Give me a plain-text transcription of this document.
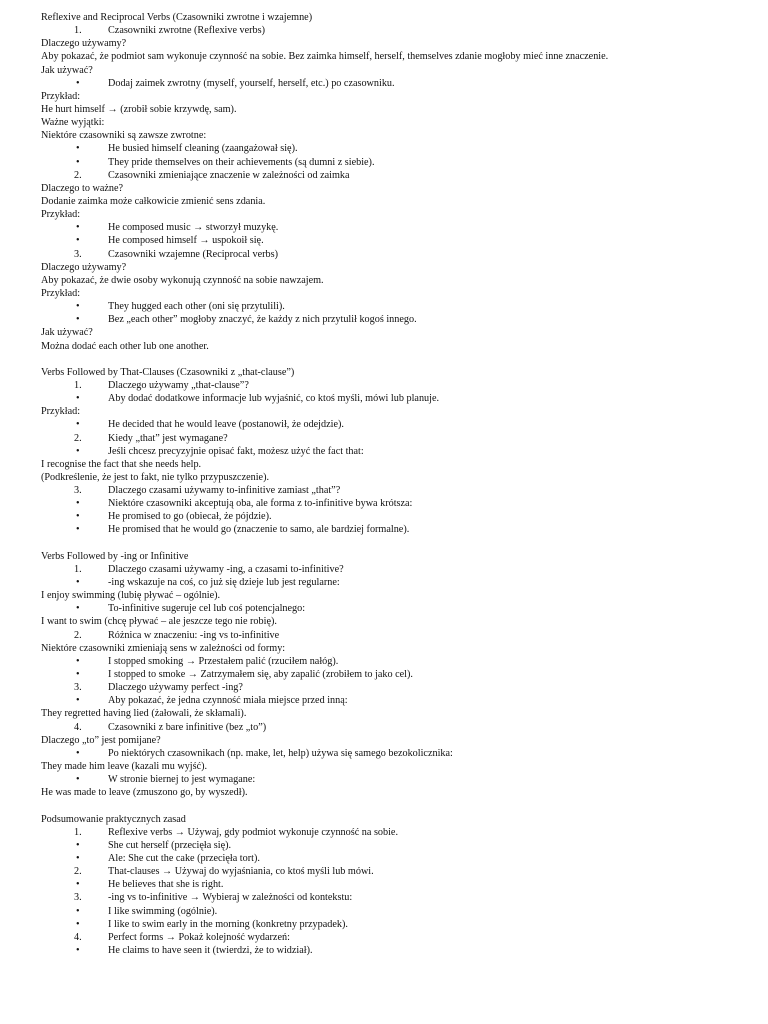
Reflexive and Reciprocal Verbs (Czasowniki zwrotne i wzajemne)
1.	Czasowniki zwrotne (Reflexive verbs)
Dlaczego używamy?
Aby pokazać, że podmiot sam wykonuje czynność na sobie. Bez zaimka himself, herself, themselves zdanie mogłoby mieć inne znaczenie.
Jak używać?
•	Dodaj zaimek zwrotny (myself, yourself, herself, etc.) po czasowniku.
Przykład:
He hurt himself → (zrobił sobie krzywdę, sam).
Ważne wyjątki:
Niektóre czasowniki są zawsze zwrotne:
•	He busied himself cleaning (zaangażował się).
•	They pride themselves on their achievements (są dumni z siebie).
2.	Czasowniki zmieniające znaczenie w zależności od zaimka
Dlaczego to ważne?
Dodanie zaimka może całkowicie zmienić sens zdania.
Przykład:
•	He composed music → stworzył muzykę.
•	He composed himself → uspokoił się.
3.	Czasowniki wzajemne (Reciprocal verbs)
Dlaczego używamy?
Aby pokazać, że dwie osoby wykonują czynność na sobie nawzajem.
Przykład:
•	They hugged each other (oni się przytulili).
•	Bez „each other” mogłoby znaczyć, że każdy z nich przytulił kogoś innego.
Jak używać?
Można dodać each other lub one another.
Verbs Followed by That-Clauses (Czasowniki z „that-clause”)
1.	Dlaczego używamy „that-clause”?
•	Aby dodać dodatkowe informacje lub wyjaśnić, co ktoś myśli, mówi lub planuje.
Przykład:
•	He decided that he would leave (postanowił, że odejdzie).
2.	Kiedy „that” jest wymagane?
•	Jeśli chcesz precyzyjnie opisać fakt, możesz użyć the fact that:
I recognise the fact that she needs help.
(Podkreślenie, że jest to fakt, nie tylko przypuszczenie).
3.	Dlaczego czasami używamy to-infinitive zamiast „that”?
•	Niektóre czasowniki akceptują oba, ale forma z to-infinitive bywa krótsza:
•	He promised to go (obiecał, że pójdzie).
•	He promised that he would go (znaczenie to samo, ale bardziej formalne).
Verbs Followed by -ing or Infinitive
1.	Dlaczego czasami używamy -ing, a czasami to-infinitive?
•	-ing wskazuje na coś, co już się dzieje lub jest regularne:
I enjoy swimming (lubię pływać – ogólnie).
•	To-infinitive sugeruje cel lub coś potencjalnego:
I want to swim (chcę pływać – ale jeszcze tego nie robię).
2.	Różnica w znaczeniu: -ing vs to-infinitive
Niektóre czasowniki zmieniają sens w zależności od formy:
•	I stopped smoking → Przestałem palić (rzuciłem nałóg).
•	I stopped to smoke → Zatrzymałem się, aby zapalić (zrobiłem to jako cel).
3.	Dlaczego używamy perfect -ing?
•	Aby pokazać, że jedna czynność miała miejsce przed inną:
They regretted having lied (żałowali, że skłamali).
4.	Czasowniki z bare infinitive (bez „to”)
Dlaczego „to” jest pomijane?
•	Po niektórych czasownikach (np. make, let, help) używa się samego bezokolicznika:
They made him leave (kazali mu wyjść).
•	W stronie biernej to jest wymagane:
He was made to leave (zmuszono go, by wyszedł).
Podsumowanie praktycznych zasad
1.	Reflexive verbs → Używaj, gdy podmiot wykonuje czynność na sobie.
•	She cut herself (przecięła się).
•	Ale: She cut the cake (przecięła tort).
2.	That-clauses → Używaj do wyjaśniania, co ktoś myśli lub mówi.
•	He believes that she is right.
3.	-ing vs to-infinitive → Wybieraj w zależności od kontekstu:
•	I like swimming (ogólnie).
•	I like to swim early in the morning (konkretny przypadek).
4.	Perfect forms → Pokaż kolejność wydarzeń:
•	He claims to have seen it (twierdzi, że to widział).
